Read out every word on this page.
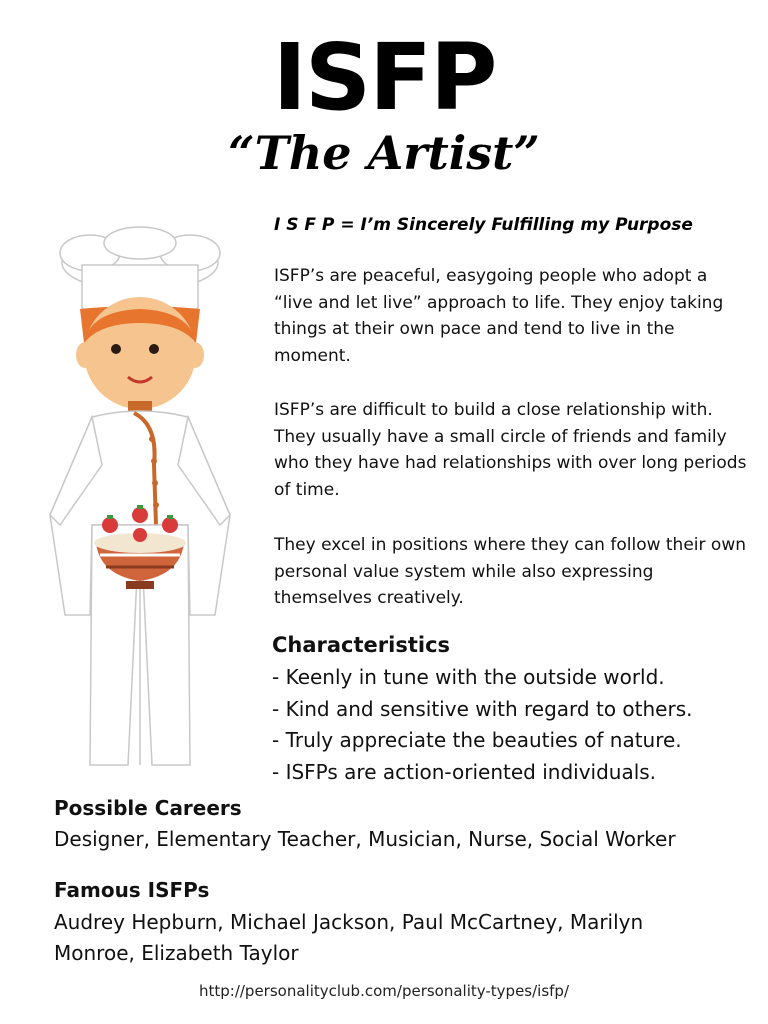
ISFP
“The Artist”
I S F P = I’m Sincerely Fulfilling my Purpose

ISFP’s are peaceful, easygoing people who adopt a “live and let live” approach to life. They enjoy taking things at their own pace and tend to live in the moment.

ISFP’s are difficult to build a close relationship with. They usually have a small circle of friends and family who they have had relationships with over long periods of time.

They excel in positions where they can follow their own personal value system while also expressing themselves creatively.

Characteristics
- Keenly in tune with the outside world.
- Kind and sensitive with regard to others.
- Truly appreciate the beauties of nature.
- ISFPs are action-oriented individuals.
Possible Careers

Designer, Elementary Teacher, Musician, Nurse, Social Worker

Famous ISFPs

Audrey Hepburn, Michael Jackson, Paul McCartney, Marilyn Monroe, Elizabeth Taylor

http://personalityclub.com/personality-types/isfp/
